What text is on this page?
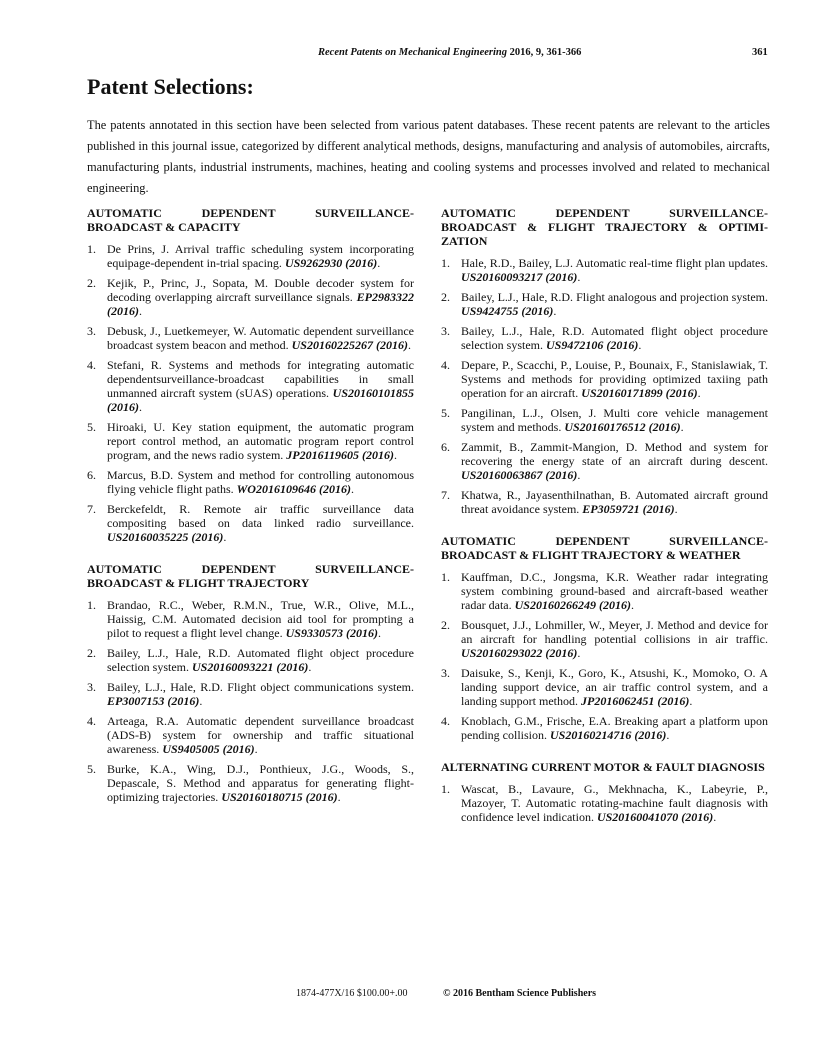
Recent Patents on Mechanical Engineering 2016, 9, 361-366	361
Patent Selections:

The patents annotated in this section have been selected from various patent databases. These recent patents are relevant to the articles published in this journal issue, categorized by different analytical methods, designs, manufacturing and analysis of automobiles, aircrafts, manufacturing plants, industrial instruments, machines, heating and cooling systems and processes involved and related to mechanical engineering.

AUTOMATIC DEPENDENT SURVEILLANCE-BROADCAST & CAPACITY
1. De Prins, J. Arrival traffic scheduling system incorporating equipage-dependent in-trial spacing. US9262930 (2016).
2. Kejik, P., Princ, J., Sopata, M. Double decoder system for decoding overlapping aircraft surveillance signals. EP2983322 (2016).
3. Debusk, J., Luetkemeyer, W. Automatic dependent surveillance broadcast system beacon and method. US20160225267 (2016).
4. Stefani, R. Systems and methods for integrating automatic dependentsurveillance-broadcast capabilities in small unmanned aircraft system (sUAS) operations. US20160101855 (2016).
5. Hiroaki, U. Key station equipment, the automatic program report control method, an automatic program report control program, and the news radio system. JP2016119605 (2016).
6. Marcus, B.D. System and method for controlling autonomous flying vehicle flight paths. WO2016109646 (2016).
7. Berckefeldt, R. Remote air traffic surveillance data compositing based on data linked radio surveillance. US20160035225 (2016).
AUTOMATIC DEPENDENT SURVEILLANCE-BROADCAST & FLIGHT TRAJECTORY
1. Brandao, R.C., Weber, R.M.N., True, W.R., Olive, M.L., Haissig, C.M. Automated decision aid tool for prompting a pilot to request a flight level change. US9330573 (2016).
2. Bailey, L.J., Hale, R.D. Automated flight object procedure selection system. US20160093221 (2016).
3. Bailey, L.J., Hale, R.D. Flight object communications system. EP3007153 (2016).
4. Arteaga, R.A. Automatic dependent surveillance broadcast (ADS-B) system for ownership and traffic situational awareness. US9405005 (2016).
5. Burke, K.A., Wing, D.J., Ponthieux, J.G., Woods, S., Depascale, S. Method and apparatus for generating flight-optimizing trajectories. US20160180715 (2016).
AUTOMATIC DEPENDENT SURVEILLANCE-BROADCAST & FLIGHT TRAJECTORY & OPTIMIZATION
1. Hale, R.D., Bailey, L.J. Automatic real-time flight plan updates. US20160093217 (2016).
2. Bailey, L.J., Hale, R.D. Flight analogous and projection system. US9424755 (2016).
3. Bailey, L.J., Hale, R.D. Automated flight object procedure selection system. US9472106 (2016).
4. Depare, P., Scacchi, P., Louise, P., Bounaix, F., Stanislawiak, T. Systems and methods for providing optimized taxiing path operation for an aircraft. US20160171899 (2016).
5. Pangilinan, L.J., Olsen, J. Multi core vehicle management system and methods. US20160176512 (2016).
6. Zammit, B., Zammit-Mangion, D. Method and system for recovering the energy state of an aircraft during descent. US20160063867 (2016).
7. Khatwa, R., Jayasenthilnathan, B. Automated aircraft ground threat avoidance system. EP3059721 (2016).
AUTOMATIC DEPENDENT SURVEILLANCE-BROADCAST & FLIGHT TRAJECTORY & WEATHER
1. Kauffman, D.C., Jongsma, K.R. Weather radar integrating system combining ground-based and aircraft-based weather radar data. US20160266249 (2016).
2. Bousquet, J.J., Lohmiller, W., Meyer, J. Method and device for an aircraft for handling potential collisions in air traffic. US20160293022 (2016).
3. Daisuke, S., Kenji, K., Goro, K., Atsushi, K., Momoko, O. A landing support device, an air traffic control system, and a landing support method. JP2016062451 (2016).
4. Knoblach, G.M., Frische, E.A. Breaking apart a platform upon pending collision. US20160214716 (2016).
ALTERNATING CURRENT MOTOR & FAULT DIAGNOSIS
1. Wascat, B., Lavaure, G., Mekhnacha, K., Labeyrie, P., Mazoyer, T. Automatic rotating-machine fault diagnosis with confidence level indication. US20160041070 (2016).
1874-477X/16 $100.00+.00	© 2016 Bentham Science Publishers
